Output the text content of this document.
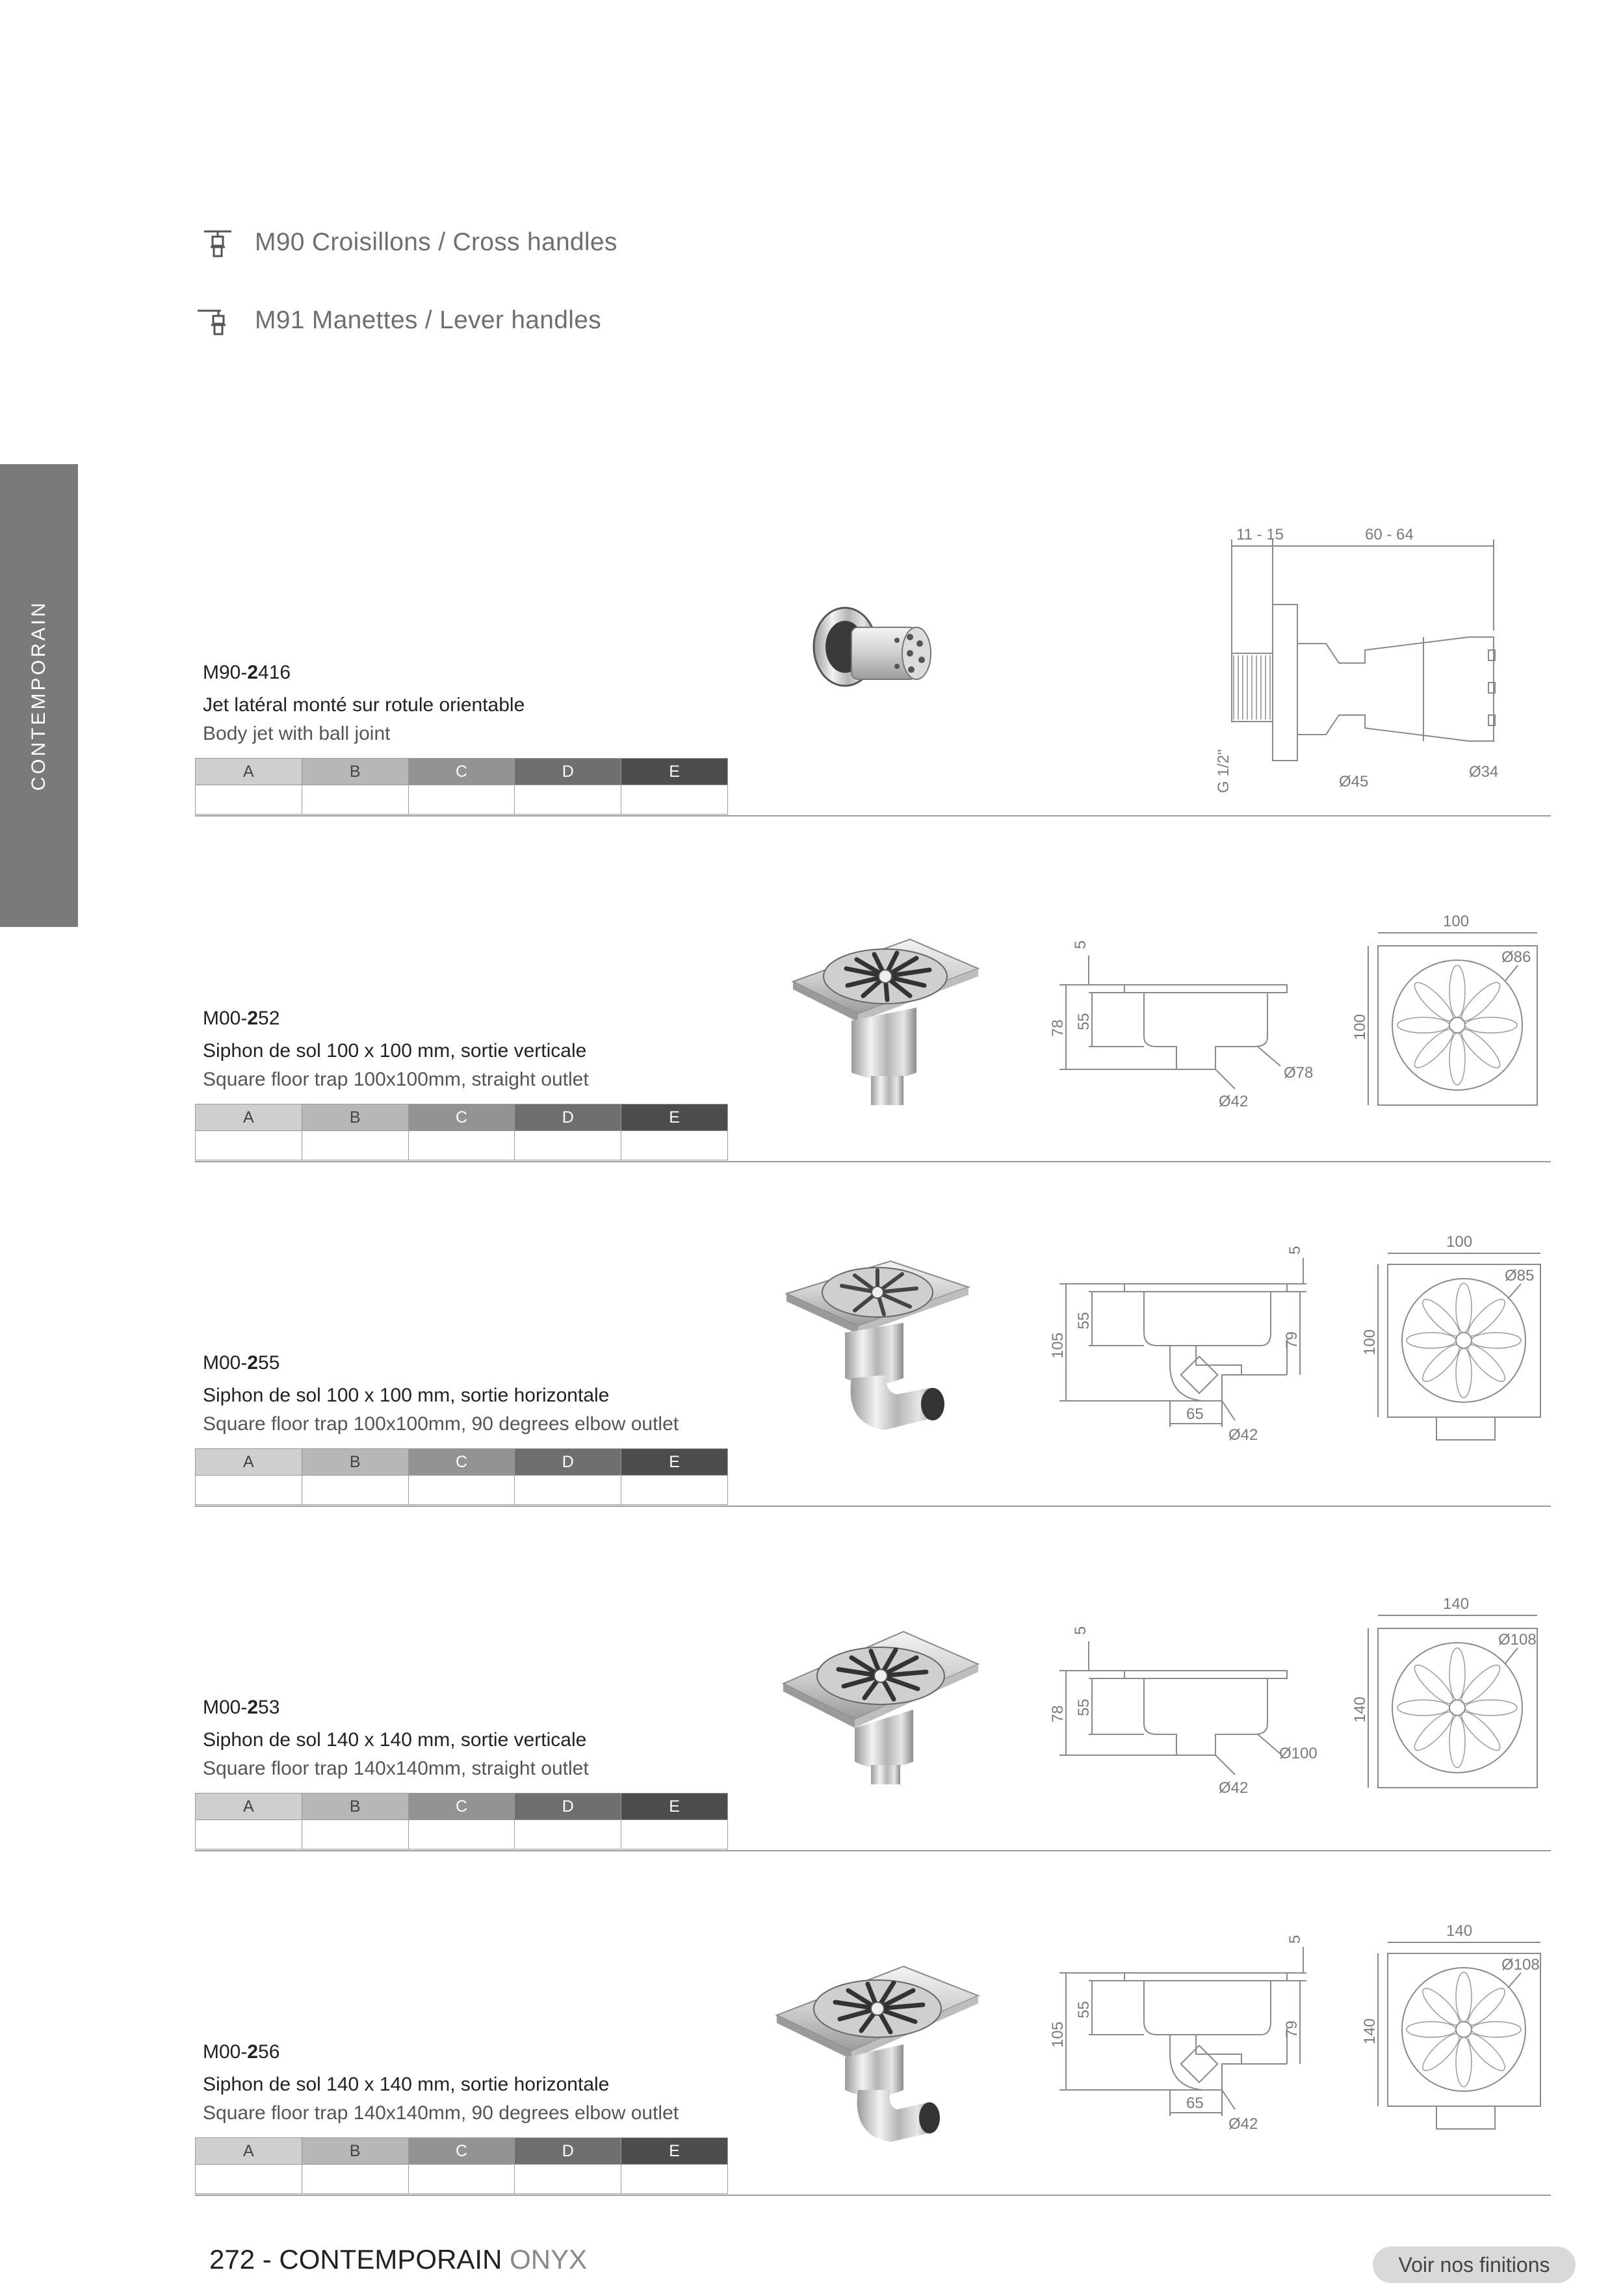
M90 Croisillons / Cross handles
M91 Manettes / Lever handles
CONTEMPORAIN	M90-2416
Jet latéral monté sur rotule orientable
Body jet with ball joint
A	B	C	D	E

11 - 15	60 - 64
G 1/2"	Ø45
Ø34
M00-252
Siphon de sol 100 x 100 mm, sortie verticale
Square floor trap 100x100mm, straight outlet
A	B	C	D	E

5
55
78
Ø78
Ø42
100
100
Ø86
M00-255
Siphon de sol 100 x 100 mm, sortie horizontale
Square floor trap 100x100mm, 90 degrees elbow outlet
A	B	C	D	E

5
55
105	79
65
Ø42
100
100
Ø85
M00-253
Siphon de sol 140 x 140 mm, sortie verticale
Square floor trap 140x140mm, straight outlet
A	B	C	D	E

5
55
78
Ø100
Ø42
140
140
Ø108
M00-256
Siphon de sol 140 x 140 mm, sortie horizontale
Square floor trap 140x140mm, 90 degrees elbow outlet
A	B	C	D	E

5
55
105	79
65
Ø42
140
140
Ø108
272 - CONTEMPORAIN ONYX	Voir nos finitions
